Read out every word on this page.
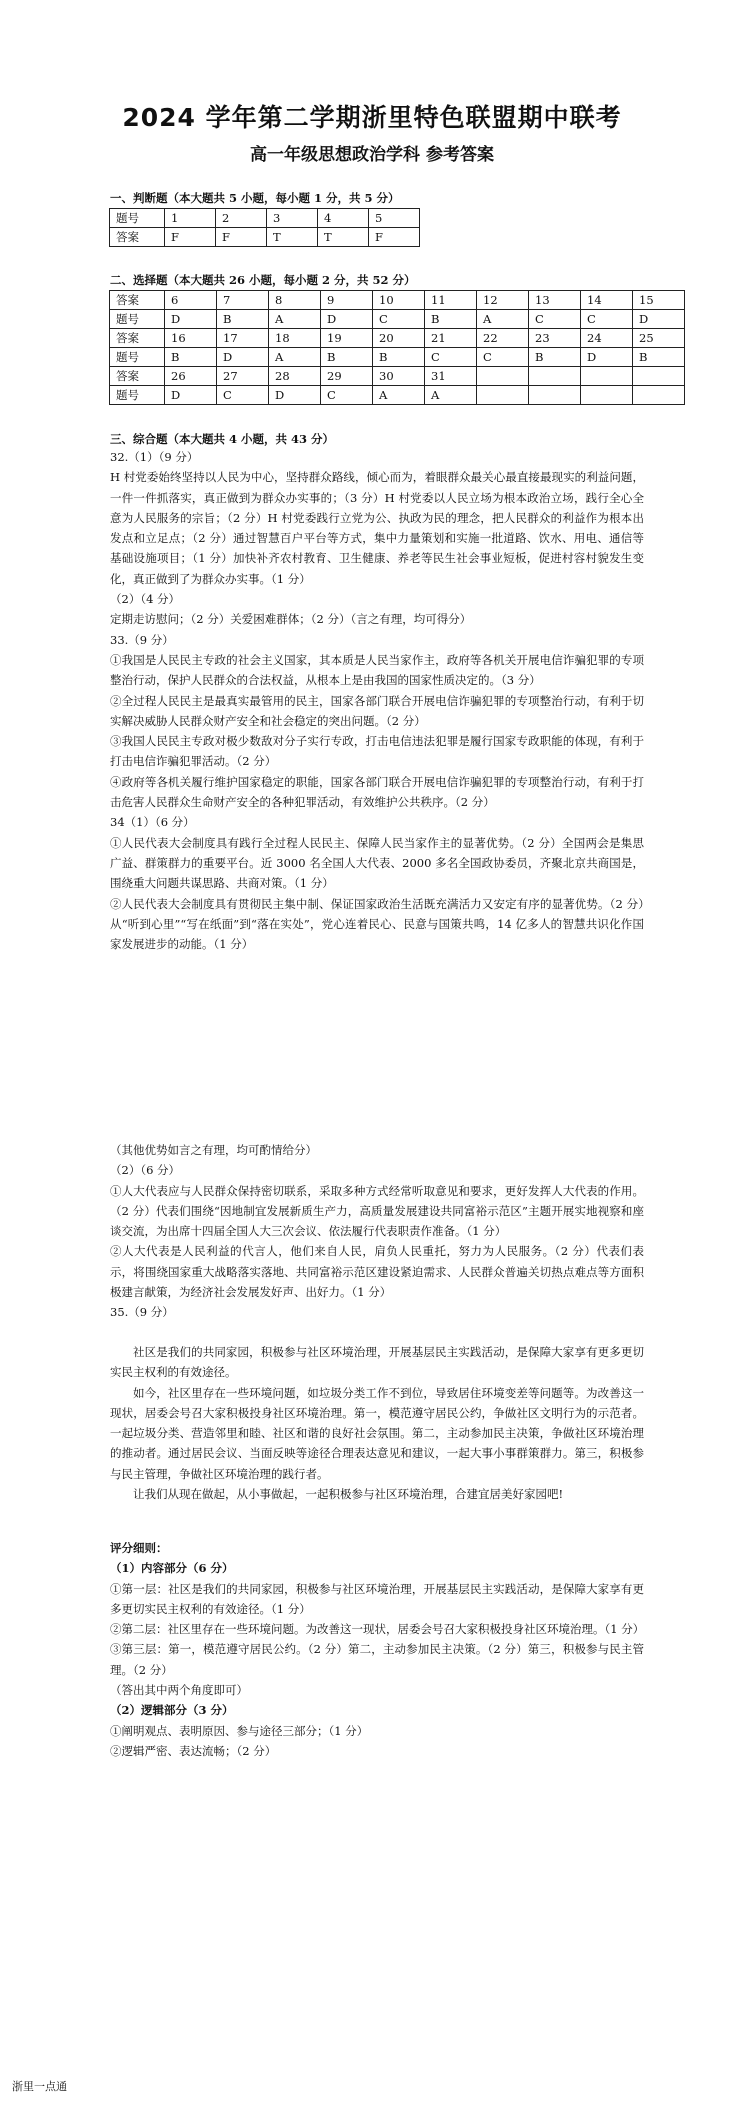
2024 学年第二学期浙里特色联盟期中联考
高一年级思想政治学科 参考答案
一、判断题（本大题共 5 小题，每小题 1 分，共 5 分）
题号	1	2	3	4	5
答案	F	F	T	T	F
二、选择题（本大题共 26 小题，每小题 2 分，共 52 分）
答案	6	7	8	9	10	11	12	13	14	15
题号	D	B	A	D	C	B	A	C	C	D
答案	16	17	18	19	20	21	22	23	24	25
题号	B	D	A	B	B	C	C	B	D	B
答案	26	27	28	29	30	31				
题号	D	C	D	C	A	A				
三、综合题（本大题共 4 小题，共 43 分）

32.（1）（9 分）

H 村党委始终坚持以人民为中心，坚持群众路线，倾心而为，着眼群众最关心最直接最现实的利益问题，一件一件抓落实，真正做到为群众办实事的；（3 分）H 村党委以人民立场为根本政治立场，践行全心全意为人民服务的宗旨；（2 分）H 村党委践行立党为公、执政为民的理念，把人民群众的利益作为根本出发点和立足点；（2 分）通过智慧百户平台等方式，集中力量策划和实施一批道路、饮水、用电、通信等基础设施项目；（1 分）加快补齐农村教育、卫生健康、养老等民生社会事业短板，促进村容村貌发生变化，真正做到了为群众办实事。（1 分）

（2）（4 分）

定期走访慰问；（2 分）关爱困难群体；（2 分）（言之有理，均可得分）

33.（9 分）

①我国是人民民主专政的社会主义国家，其本质是人民当家作主，政府等各机关开展电信诈骗犯罪的专项整治行动，保护人民群众的合法权益，从根本上是由我国的国家性质决定的。（3 分）

②全过程人民民主是最真实最管用的民主，国家各部门联合开展电信诈骗犯罪的专项整治行动，有利于切实解决威胁人民群众财产安全和社会稳定的突出问题。（2 分）

③我国人民民主专政对极少数敌对分子实行专政，打击电信违法犯罪是履行国家专政职能的体现，有利于打击电信诈骗犯罪活动。（2 分）

④政府等各机关履行维护国家稳定的职能，国家各部门联合开展电信诈骗犯罪的专项整治行动，有利于打击危害人民群众生命财产安全的各种犯罪活动，有效维护公共秩序。（2 分）

34（1）（6 分）

①人民代表大会制度具有践行全过程人民民主、保障人民当家作主的显著优势。（2 分）全国两会是集思广益、群策群力的重要平台。近 3000 名全国人大代表、2000 多名全国政协委员，齐聚北京共商国是，围绕重大问题共谋思路、共商对策。（1 分）

②人民代表大会制度具有贯彻民主集中制、保证国家政治生活既充满活力又安定有序的显著优势。（2 分）从“听到心里”“写在纸面”到“落在实处”，党心连着民心、民意与国策共鸣，14 亿多人的智慧共识化作国家发展进步的动能。（1 分）

（其他优势如言之有理，均可酌情给分）

（2）（6 分）

①人大代表应与人民群众保持密切联系，采取多种方式经常听取意见和要求，更好发挥人大代表的作用。（2 分）代表们围绕“因地制宜发展新质生产力，高质量发展建设共同富裕示范区”主题开展实地视察和座谈交流，为出席十四届全国人大三次会议、依法履行代表职责作准备。（1 分）

②人大代表是人民利益的代言人，他们来自人民，肩负人民重托，努力为人民服务。（2 分）代表们表示，将围绕国家重大战略落实落地、共同富裕示范区建设紧迫需求、人民群众普遍关切热点难点等方面积极建言献策，为经济社会发展发好声、出好力。（1 分）

35.（9 分）

社区是我们的共同家园，积极参与社区环境治理，开展基层民主实践活动，是保障大家享有更多更切实民主权利的有效途径。

如今，社区里存在一些环境问题，如垃圾分类工作不到位，导致居住环境变差等问题等。为改善这一现状，居委会号召大家积极投身社区环境治理。第一，模范遵守居民公约，争做社区文明行为的示范者。一起垃圾分类、营造邻里和睦、社区和谐的良好社会氛围。第二，主动参加民主决策，争做社区环境治理的推动者。通过居民会议、当面反映等途径合理表达意见和建议，一起大事小事群策群力。第三，积极参与民主管理，争做社区环境治理的践行者。

让我们从现在做起，从小事做起，一起积极参与社区环境治理，合建宜居美好家园吧!

评分细则：

（1）内容部分（6 分）

①第一层：社区是我们的共同家园，积极参与社区环境治理，开展基层民主实践活动，是保障大家享有更多更切实民主权利的有效途径。（1 分）

②第二层：社区里存在一些环境问题。为改善这一现状，居委会号召大家积极投身社区环境治理。（1 分）

③第三层：第一，模范遵守居民公约。（2 分）第二，主动参加民主决策。（2 分）第三，积极参与民主管理。（2 分）

（答出其中两个角度即可）

（2）逻辑部分（3 分）

①阐明观点、表明原因、参与途径三部分；（1 分）

②逻辑严密、表达流畅；（2 分）

浙里一点通
